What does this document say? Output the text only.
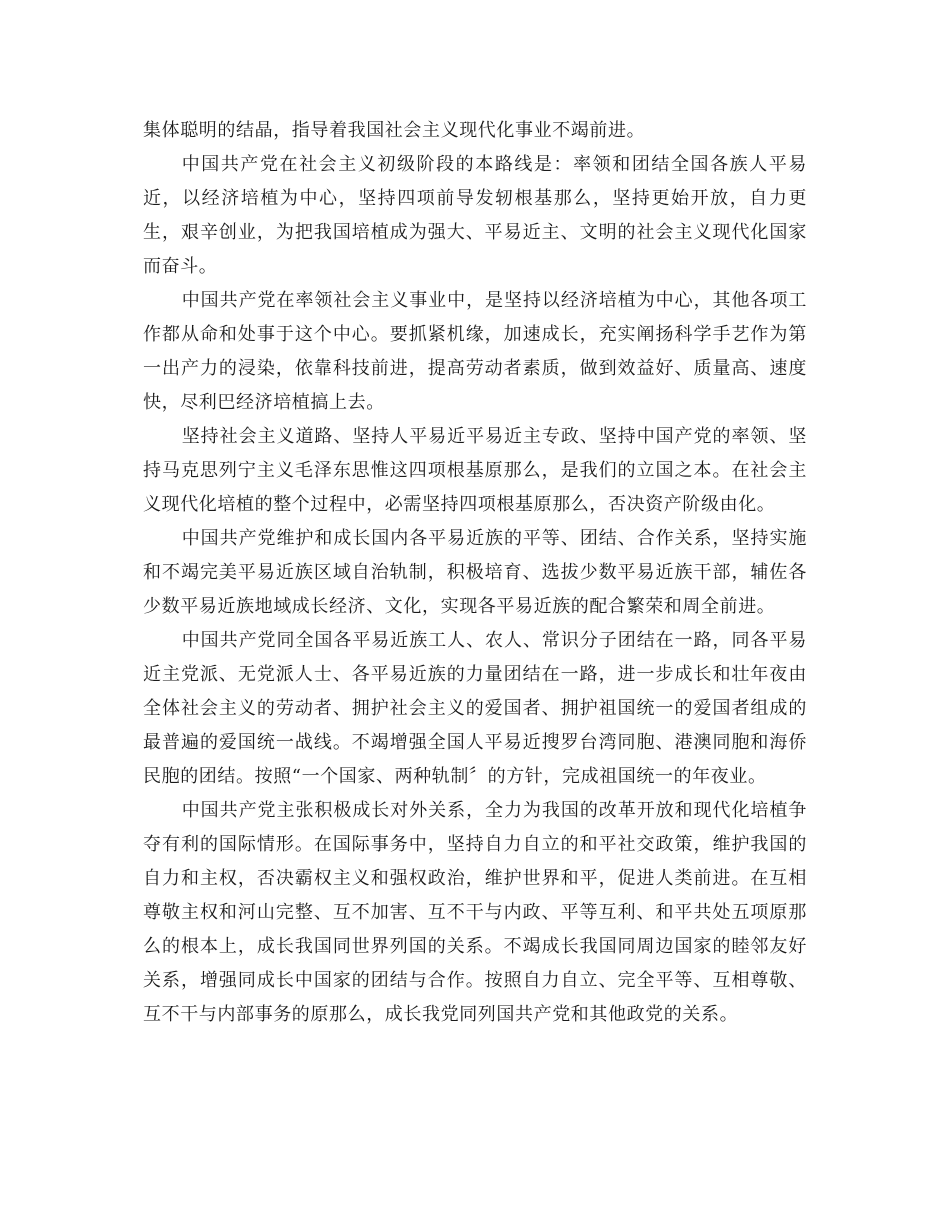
集体聪明的结晶，指导着我国社会主义现代化事业不竭前进。

中国共产党在社会主义初级阶段的本路线是：率领和团结全国各族人平易近，以经济培植为中心，坚持四项前导发轫根基那么，坚持更始开放，自力更生，艰辛创业，为把我国培植成为强大、平易近主、文明的社会主义现代化国家而奋斗。

中国共产党在率领社会主义事业中，是坚持以经济培植为中心，其他各项工作都从命和处事于这个中心。要抓紧机缘，加速成长，充实阐扬科学手艺作为第一出产力的浸染，依靠科技前进，提高劳动者素质，做到效益好、质量高、速度快，尽利巴经济培植搞上去。

坚持社会主义道路、坚持人平易近平易近主专政、坚持中国产党的率领、坚持马克思列宁主义毛泽东思惟这四项根基原那么，是我们的立国之本。在社会主义现代化培植的整个过程中，必需坚持四项根基原那么，否决资产阶级由化。

中国共产党维护和成长国内各平易近族的平等、团结、合作关系，坚持实施和不竭完美平易近族区域自治轨制，积极培育、选拔少数平易近族干部，辅佐各少数平易近族地域成长经济、文化，实现各平易近族的配合繁荣和周全前进。

中国共产党同全国各平易近族工人、农人、常识分子团结在一路，同各平易近主党派、无党派人士、各平易近族的力量团结在一路，进一步成长和壮年夜由全体社会主义的劳动者、拥护社会主义的爱国者、拥护祖国统一的爱国者组成的最普遍的爱国统一战线。不竭增强全国人平易近搜罗台湾同胞、港澳同胞和海侨民胞的团结。按照“一个国家、两种轨制〞的方针，完成祖国统一的年夜业。

中国共产党主张积极成长对外关系，全力为我国的改革开放和现代化培植争夺有利的国际情形。在国际事务中，坚持自力自立的和平社交政策，维护我国的自力和主权，否决霸权主义和强权政治，维护世界和平，促进人类前进。在互相尊敬主权和河山完整、互不加害、互不干与内政、平等互利、和平共处五项原那么的根本上，成长我国同世界列国的关系。不竭成长我国同周边国家的睦邻友好关系，增强同成长中国家的团结与合作。按照自力自立、完全平等、互相尊敬、互不干与内部事务的原那么，成长我党同列国共产党和其他政党的关系。
